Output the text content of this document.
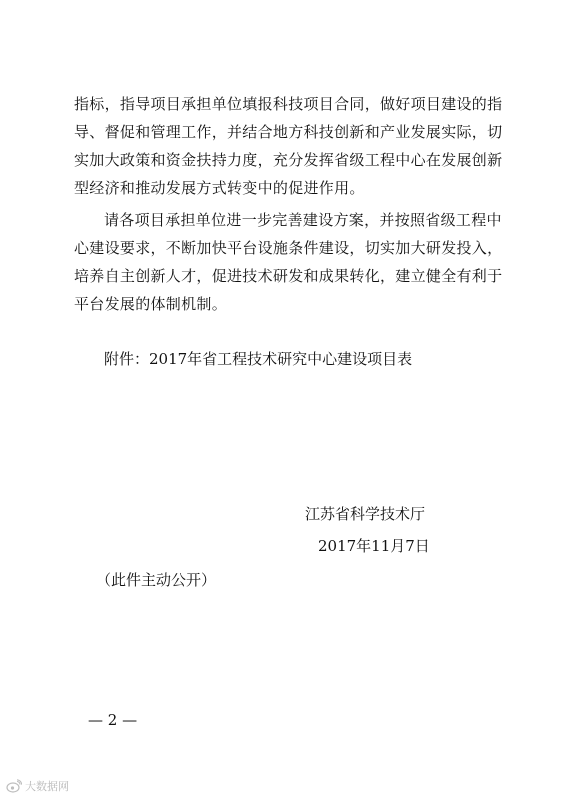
指标，指导项目承担单位填报科技项目合同，做好项目建设的指
导、督促和管理工作，并结合地方科技创新和产业发展实际，切
实加大政策和资金扶持力度，充分发挥省级工程中心在发展创新
型经济和推动发展方式转变中的促进作用。
请各项目承担单位进一步完善建设方案，并按照省级工程中
心建设要求，不断加快平台设施条件建设，切实加大研发投入，
培养自主创新人才，促进技术研发和成果转化，建立健全有利于
平台发展的体制机制。
附件：2017年省工程技术研究中心建设项目表
江苏省科学技术厅
2017年11月7日
（此件主动公开）
— 2 —
大数据网
